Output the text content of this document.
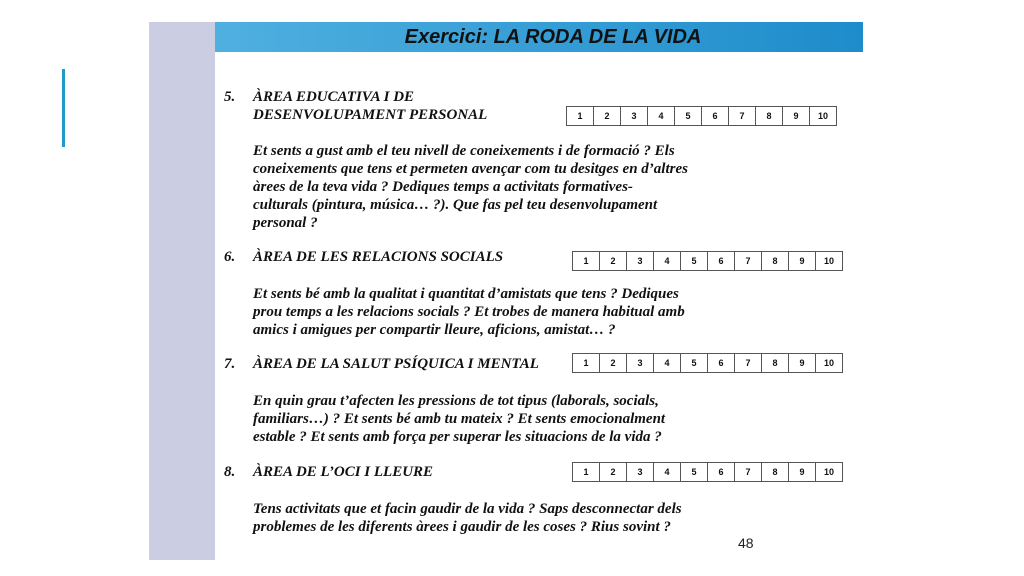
Exercici: LA RODA DE LA VIDA
5. ÀREA EDUCATIVA I DE
DESENVOLUPAMENT PERSONAL	1	2	3	4	5	6	7	8	9	10
Et sents a gust amb el teu nivell de coneixements i de formació ? Els
coneixements que tens et permeten avençar com tu desitges en d’altres
àrees de la teva vida ? Dediques temps a activitats formatives-
culturals (pintura, música… ?). Que fas pel teu desenvolupament
personal ?
6. ÀREA DE LES RELACIONS SOCIALS	1	2	3	4	5	6	7	8	9	10
Et sents bé amb la qualitat i quantitat d’amistats que tens ? Dediques
prou temps a les relacions socials ? Et trobes de manera habitual amb
amics i amigues per compartir lleure, aficions, amistat… ?
7. ÀREA DE LA SALUT PSÍQUICA I MENTAL	1	2	3	4	5	6	7	8	9	10
En quin grau t’afecten les pressions de tot tipus (laborals, socials,
familiars…) ? Et sents bé amb tu mateix ? Et sents emocionalment
estable ? Et sents amb força per superar les situacions de la vida ?
8. ÀREA DE L’OCI I LLEURE	1	2	3	4	5	6	7	8	9	10
Tens activitats que et facin gaudir de la vida ? Saps desconnectar dels
problemes de les diferents àrees i gaudir de les coses ? Rius sovint ?
48
